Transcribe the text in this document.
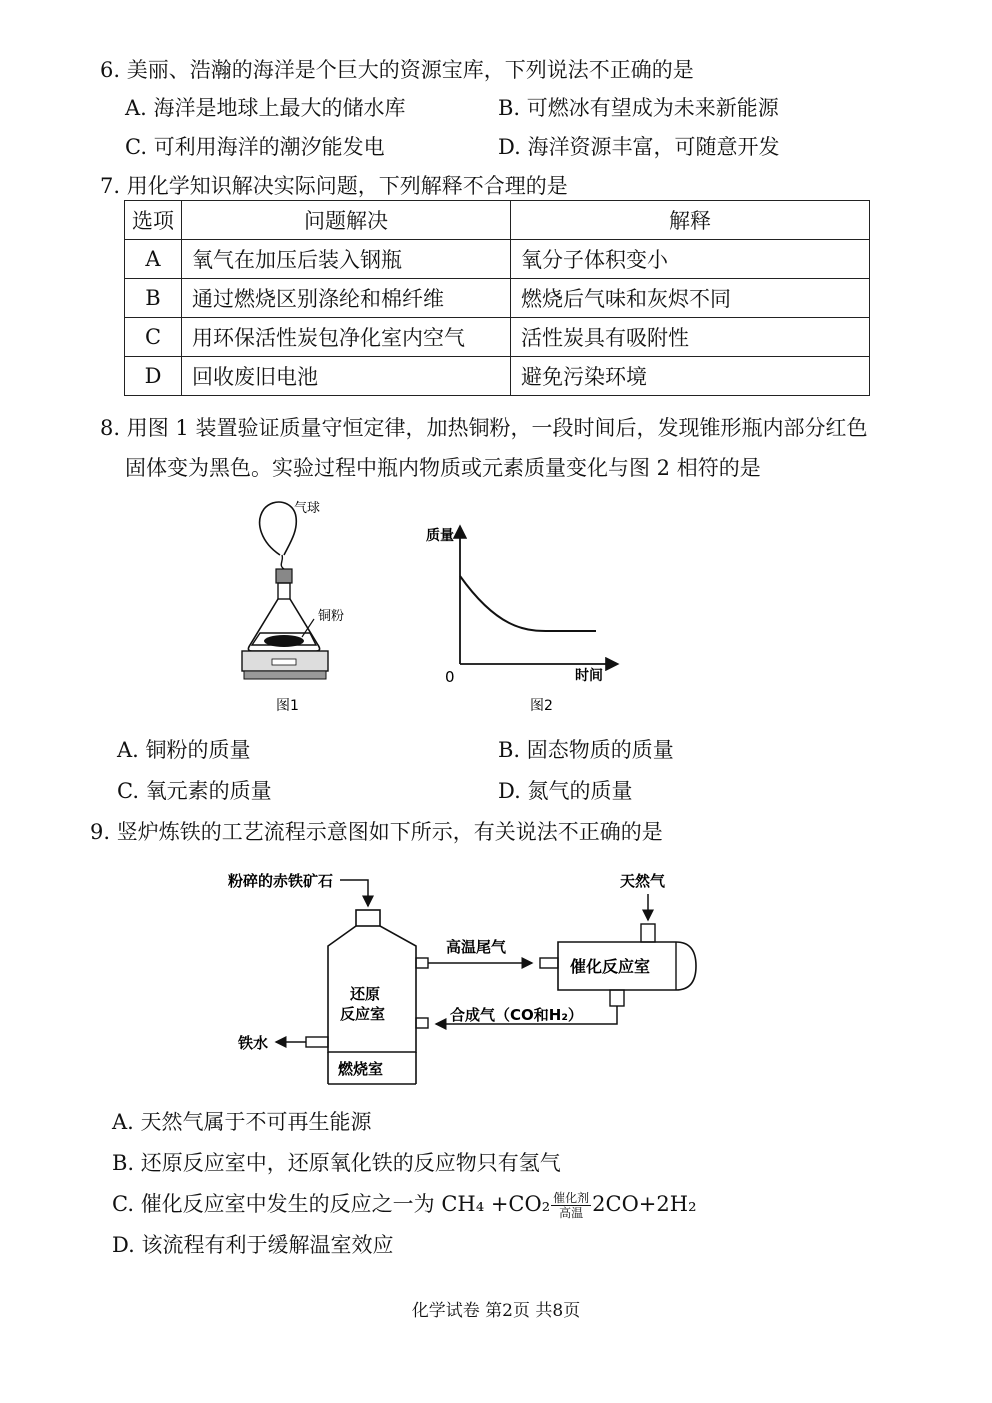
6. 美丽、浩瀚的海洋是个巨大的资源宝库，下列说法不正确的是
A. 海洋是地球上最大的储水库	B. 可燃冰有望成为未来新能源
C. 可利用海洋的潮汐能发电	D. 海洋资源丰富，可随意开发
7. 用化学知识解决实际问题，下列解释不合理的是
选项	问题解决	解释
A	氧气在加压后装入钢瓶	氧分子体积变小
B	通过燃烧区别涤纶和棉纤维	燃烧后气味和灰烬不同
C	用环保活性炭包净化室内空气	活性炭具有吸附性
D	回收废旧电池	避免污染环境
8. 用图 1 装置验证质量守恒定律，加热铜粉，一段时间后，发现锥形瓶内部分红色
固体变为黑色。实验过程中瓶内物质或元素质量变化与图 2 相符的是
气球
铜粉
图1
质量
时间
0
图2
A. 铜粉的质量	B. 固态物质的质量
C. 氧元素的质量	D. 氮气的质量
9. 竖炉炼铁的工艺流程示意图如下所示，有关说法不正确的是
粉碎的赤铁矿石
还原
反应室
燃烧室
高温尾气
催化反应室
天然气
合成气（CO和H₂）
铁水
A. 天然气属于不可再生能源
B. 还原反应室中，还原氧化铁的反应物只有氢气
C. 催化反应室中发生的反应之一为 $CH_4 +CO_2 \frac{\text{催化剂}}{\text{高温}} 2CO+2H_2$
D. 该流程有利于缓解温室效应
化学试卷 第2页 共8页
